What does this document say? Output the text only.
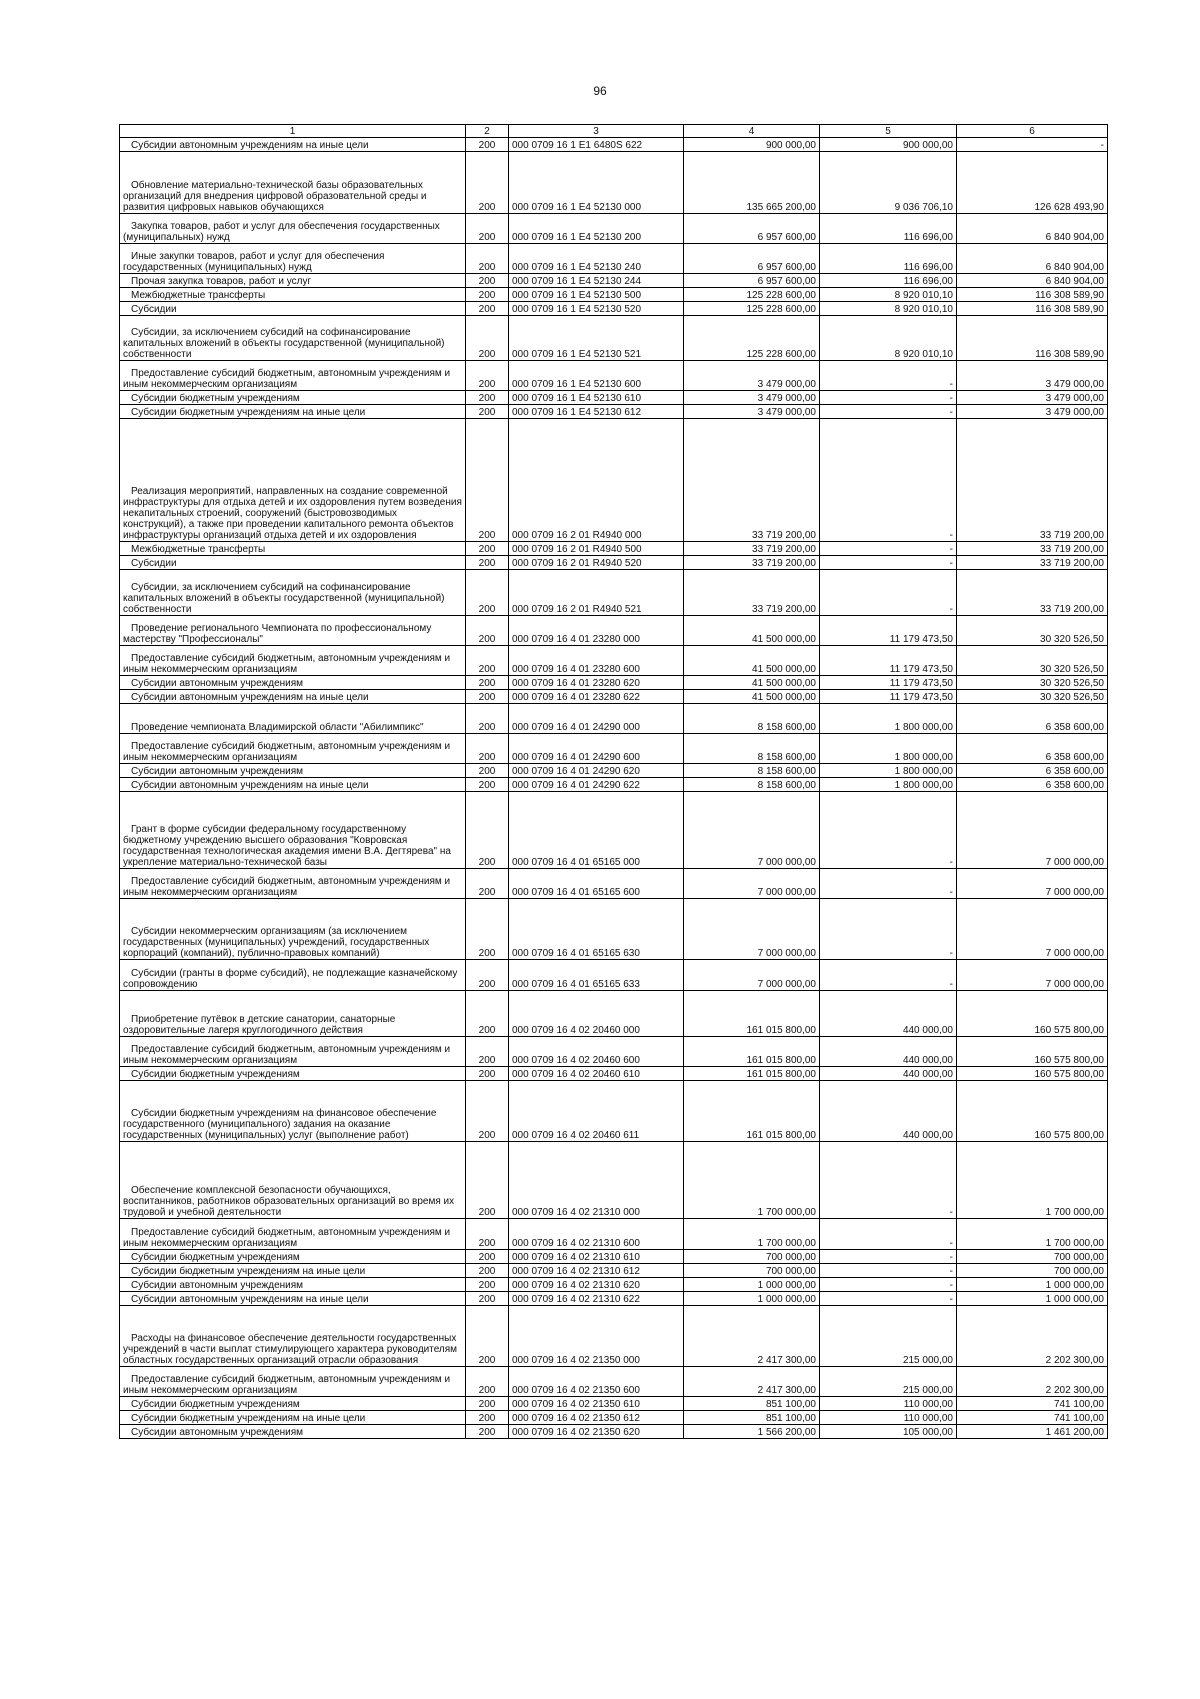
96
1	2	3	4	5	6
Субсидии автономным учреждениям на иные цели	200	000 0709 16 1 E1 6480S 622	900 000,00	900 000,00	-
Обновление материально-технической базы образовательных организаций для внедрения цифровой образовательной среды и развития цифровых навыков обучающихся	200	000 0709 16 1 E4 52130 000	135 665 200,00	9 036 706,10	126 628 493,90
Закупка товаров, работ и услуг для обеспечения государственных (муниципальных) нужд	200	000 0709 16 1 E4 52130 200	6 957 600,00	116 696,00	6 840 904,00
Иные закупки товаров, работ и услуг для обеспечения государственных (муниципальных) нужд	200	000 0709 16 1 E4 52130 240	6 957 600,00	116 696,00	6 840 904,00
Прочая закупка товаров, работ и услуг	200	000 0709 16 1 E4 52130 244	6 957 600,00	116 696,00	6 840 904,00
Межбюджетные трансферты	200	000 0709 16 1 E4 52130 500	125 228 600,00	8 920 010,10	116 308 589,90
Субсидии	200	000 0709 16 1 E4 52130 520	125 228 600,00	8 920 010,10	116 308 589,90
Субсидии, за исключением субсидий на софинансирование капитальных вложений в объекты государственной (муниципальной) собственности	200	000 0709 16 1 E4 52130 521	125 228 600,00	8 920 010,10	116 308 589,90
Предоставление субсидий бюджетным, автономным учреждениям и иным некоммерческим организациям	200	000 0709 16 1 E4 52130 600	3 479 000,00	-	3 479 000,00
Субсидии бюджетным учреждениям	200	000 0709 16 1 E4 52130 610	3 479 000,00	-	3 479 000,00
Субсидии бюджетным учреждениям на иные цели	200	000 0709 16 1 E4 52130 612	3 479 000,00	-	3 479 000,00
Реализация мероприятий, направленных на создание современной инфраструктуры для отдыха детей и их оздоровления путем возведения некапитальных строений, сооружений (быстровозводимых конструкций), а также при проведении капитального ремонта объектов инфраструктуры организаций отдыха детей и их оздоровления	200	000 0709 16 2 01 R4940 000	33 719 200,00	-	33 719 200,00
Межбюджетные трансферты	200	000 0709 16 2 01 R4940 500	33 719 200,00	-	33 719 200,00
Субсидии	200	000 0709 16 2 01 R4940 520	33 719 200,00	-	33 719 200,00
Субсидии, за исключением субсидий на софинансирование капитальных вложений в объекты государственной (муниципальной) собственности	200	000 0709 16 2 01 R4940 521	33 719 200,00	-	33 719 200,00
Проведение регионального Чемпионата по профессиональному мастерству "Профессионалы"	200	000 0709 16 4 01 23280 000	41 500 000,00	11 179 473,50	30 320 526,50
Предоставление субсидий бюджетным, автономным учреждениям и иным некоммерческим организациям	200	000 0709 16 4 01 23280 600	41 500 000,00	11 179 473,50	30 320 526,50
Субсидии автономным учреждениям	200	000 0709 16 4 01 23280 620	41 500 000,00	11 179 473,50	30 320 526,50
Субсидии автономным учреждениям на иные цели	200	000 0709 16 4 01 23280 622	41 500 000,00	11 179 473,50	30 320 526,50
Проведение чемпионата Владимирской области "Абилимпикс"	200	000 0709 16 4 01 24290 000	8 158 600,00	1 800 000,00	6 358 600,00
Предоставление субсидий бюджетным, автономным учреждениям и иным некоммерческим организациям	200	000 0709 16 4 01 24290 600	8 158 600,00	1 800 000,00	6 358 600,00
Субсидии автономным учреждениям	200	000 0709 16 4 01 24290 620	8 158 600,00	1 800 000,00	6 358 600,00
Субсидии автономным учреждениям на иные цели	200	000 0709 16 4 01 24290 622	8 158 600,00	1 800 000,00	6 358 600,00
Грант в форме субсидии федеральному государственному бюджетному учреждению высшего образования "Ковровская государственная технологическая академия имени В.А. Дегтярева" на укрепление материально-технической базы	200	000 0709 16 4 01 65165 000	7 000 000,00	-	7 000 000,00
Предоставление субсидий бюджетным, автономным учреждениям и иным некоммерческим организациям	200	000 0709 16 4 01 65165 600	7 000 000,00	-	7 000 000,00
Субсидии некоммерческим организациям (за исключением государственных (муниципальных) учреждений, государственных корпораций (компаний), публично-правовых компаний)	200	000 0709 16 4 01 65165 630	7 000 000,00	-	7 000 000,00
Субсидии (гранты в форме субсидий), не подлежащие казначейскому сопровождению	200	000 0709 16 4 01 65165 633	7 000 000,00	-	7 000 000,00
Приобретение путёвок в детские санатории, санаторные оздоровительные лагеря круглогодичного действия	200	000 0709 16 4 02 20460 000	161 015 800,00	440 000,00	160 575 800,00
Предоставление субсидий бюджетным, автономным учреждениям и иным некоммерческим организациям	200	000 0709 16 4 02 20460 600	161 015 800,00	440 000,00	160 575 800,00
Субсидии бюджетным учреждениям	200	000 0709 16 4 02 20460 610	161 015 800,00	440 000,00	160 575 800,00
Субсидии бюджетным учреждениям на финансовое обеспечение государственного (муниципального) задания на оказание государственных (муниципальных) услуг (выполнение работ)	200	000 0709 16 4 02 20460 611	161 015 800,00	440 000,00	160 575 800,00
Обеспечение комплексной безопасности обучающихся, воспитанников, работников образовательных организаций во время их трудовой и учебной деятельности	200	000 0709 16 4 02 21310 000	1 700 000,00	-	1 700 000,00
Предоставление субсидий бюджетным, автономным учреждениям и иным некоммерческим организациям	200	000 0709 16 4 02 21310 600	1 700 000,00	-	1 700 000,00
Субсидии бюджетным учреждениям	200	000 0709 16 4 02 21310 610	700 000,00	-	700 000,00
Субсидии бюджетным учреждениям на иные цели	200	000 0709 16 4 02 21310 612	700 000,00	-	700 000,00
Субсидии автономным учреждениям	200	000 0709 16 4 02 21310 620	1 000 000,00	-	1 000 000,00
Субсидии автономным учреждениям на иные цели	200	000 0709 16 4 02 21310 622	1 000 000,00	-	1 000 000,00
Расходы на финансовое обеспечение деятельности государственных учреждений в части выплат стимулирующего характера руководителям областных государственных организаций отрасли образования	200	000 0709 16 4 02 21350 000	2 417 300,00	215 000,00	2 202 300,00
Предоставление субсидий бюджетным, автономным учреждениям и иным некоммерческим организациям	200	000 0709 16 4 02 21350 600	2 417 300,00	215 000,00	2 202 300,00
Субсидии бюджетным учреждениям	200	000 0709 16 4 02 21350 610	851 100,00	110 000,00	741 100,00
Субсидии бюджетным учреждениям на иные цели	200	000 0709 16 4 02 21350 612	851 100,00	110 000,00	741 100,00
Субсидии автономным учреждениям	200	000 0709 16 4 02 21350 620	1 566 200,00	105 000,00	1 461 200,00
